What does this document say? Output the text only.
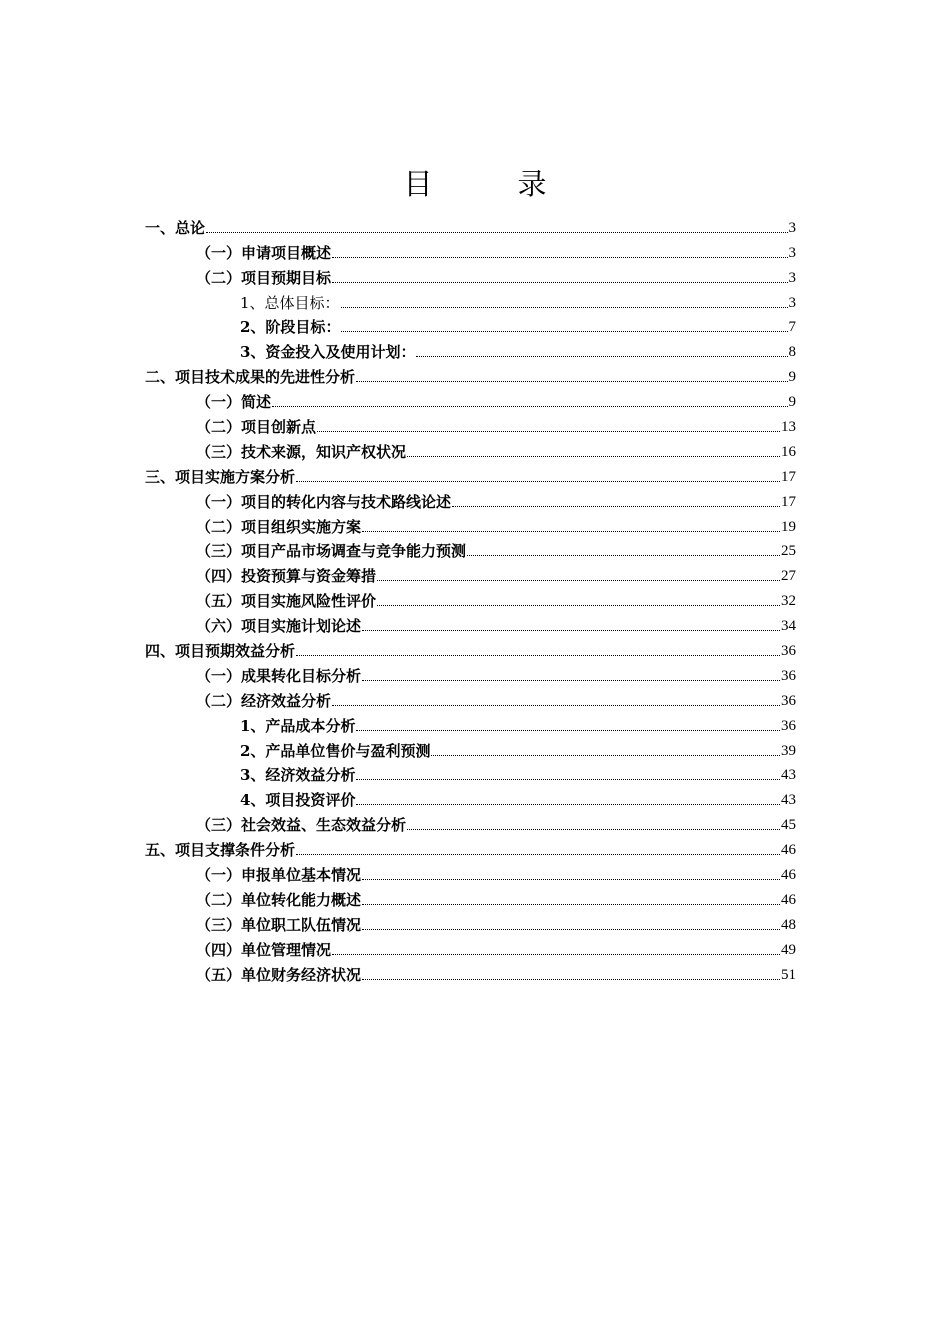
目　录
一、总论	3
（一）申请项目概述	3
（二）项目预期目标	3
1、总体目标：	3
2、阶段目标：	7
3、资金投入及使用计划：	8
二、项目技术成果的先进性分析	9
（一）简述	9
（二）项目创新点	13
（三）技术来源，知识产权状况	16
三、项目实施方案分析	17
（一）项目的转化内容与技术路线论述	17
（二）项目组织实施方案	19
（三）项目产品市场调查与竞争能力预测	25
（四）投资预算与资金筹措	27
（五）项目实施风险性评价	32
（六）项目实施计划论述	34
四、项目预期效益分析	36
（一）成果转化目标分析	36
（二）经济效益分析	36
1、产品成本分析	36
2、产品单位售价与盈利预测	39
3、经济效益分析	43
4、项目投资评价	43
（三）社会效益、生态效益分析	45
五、项目支撑条件分析	46
（一）申报单位基本情况	46
（二）单位转化能力概述	46
（三）单位职工队伍情况	48
（四）单位管理情况	49
（五）单位财务经济状况	51
